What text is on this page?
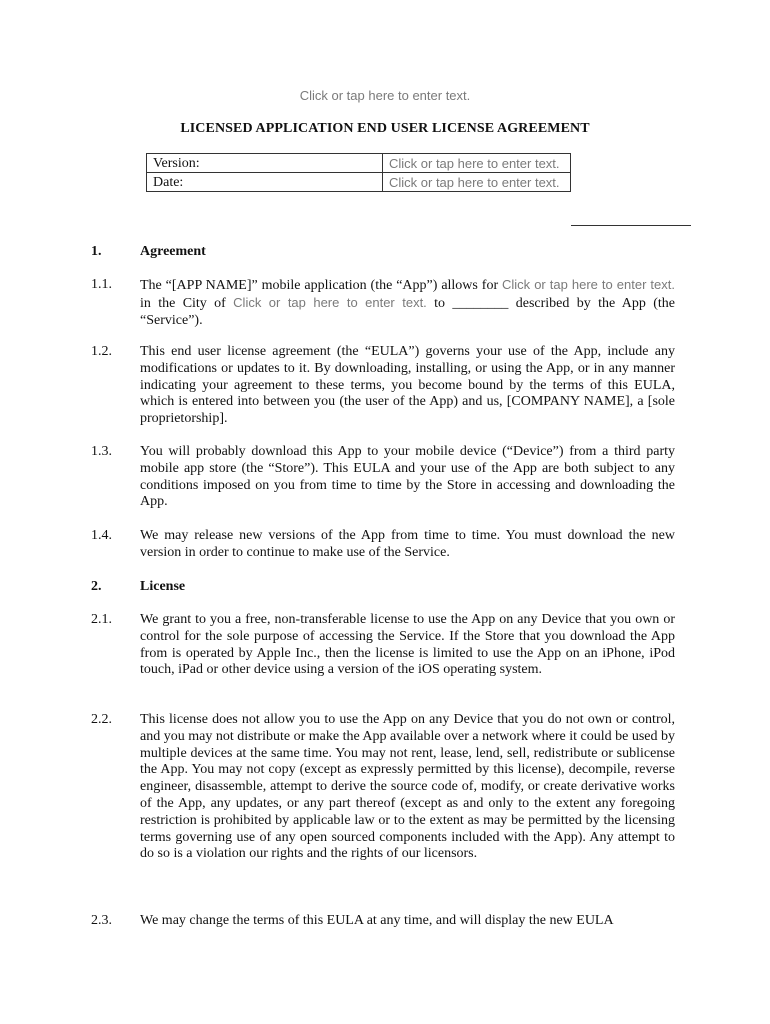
Click or tap here to enter text.
LICENSED APPLICATION END USER LICENSE AGREEMENT
Version:	Click or tap here to enter text.
Date:	Click or tap here to enter text.
1.	Agreement
1.1. The “[APP NAME]” mobile application (the “App”) allows for Click or tap here to enter text. in the City of Click or tap here to enter text. to ________ described by the App (the “Service”).
1.2. This end user license agreement (the “EULA”) governs your use of the App, include any modifications or updates to it. By downloading, installing, or using the App, or in any manner indicating your agreement to these terms, you become bound by the terms of this EULA, which is entered into between you (the user of the App) and us, [COMPANY NAME], a [sole proprietorship].
1.3. You will probably download this App to your mobile device (“Device”) from a third party mobile app store (the “Store”). This EULA and your use of the App are both subject to any conditions imposed on you from time to time by the Store in accessing and downloading the App.
1.4. We may release new versions of the App from time to time. You must download the new version in order to continue to make use of the Service.
2.	License
2.1. We grant to you a free, non-transferable license to use the App on any Device that you own or control for the sole purpose of accessing the Service. If the Store that you download the App from is operated by Apple Inc., then the license is limited to use the App on an iPhone, iPod touch, iPad or other device using a version of the iOS operating system.
2.2. This license does not allow you to use the App on any Device that you do not own or control, and you may not distribute or make the App available over a network where it could be used by multiple devices at the same time. You may not rent, lease, lend, sell, redistribute or sublicense the App. You may not copy (except as expressly permitted by this license), decompile, reverse engineer, disassemble, attempt to derive the source code of, modify, or create derivative works of the App, any updates, or any part thereof (except as and only to the extent any foregoing restriction is prohibited by applicable law or to the extent as may be permitted by the licensing terms governing use of any open sourced components included with the App). Any attempt to do so is a violation our rights and the rights of our licensors.
2.3. We may change the terms of this EULA at any time, and will display the new EULA
